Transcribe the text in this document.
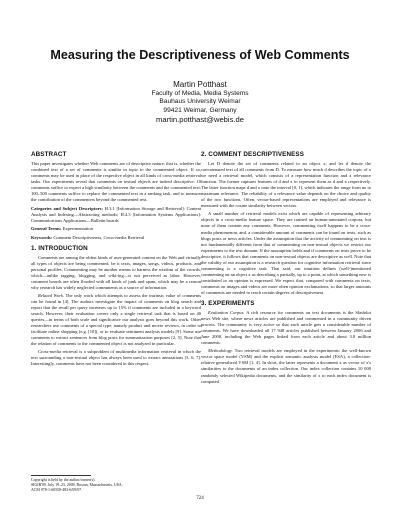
Measuring the Descriptiveness of Web Comments
Martin Potthast
Faculty of Media, Media Systems
Bauhaus University Weimar
99421 Weimar, Germany
martin.potthast@webis.de
ABSTRACT
This paper investigates whether Web comments are of descriptive nature, that is, whether the combined text of a set of comments is similar in topic to the commented object. If so, comments may be used in place of the respective object in all kinds of cross-media retrieval tasks. Our experiments reveal that comments on textual objects are indeed descriptive: 10 comments suffice to expect a high similarity between the comments and the commented text; 100–500 comments suffice to replace the commented text in a ranking task, and to measure the contribution of the commenters beyond the commented text.
Categories and Subject Descriptors: H.3.1 [Information Storage and Retrieval]: Content Analysis and Indexing—Abstracting methods; H.4.3 [Information Systems Applications]: Communications Applications—Bulletin boards
General Terms: Experimentation
Keywords: Comment Descriptiveness, Cross-media Retrieval
1. INTRODUCTION
Comments are among the oldest kinds of user-generated content on the Web and virtually all types of objects are being commented, be it texts, images, songs, videos, products, and personal profiles. Commenting may be another means to harness the wisdom of the crowds, which—unlike tagging, blogging, and wiki-ing—is not perceived as labor. However, comment boards are often flooded with all kinds of junk and spam, which may be a reason why research has widely neglected commments as a source of information.
Related Work. The only work which attempts to assess the intrinsic value of comments can be found in [4]. The authors investigate the impact of comments on blog search and report that the recall per query increases up to 15% if comments are included in a keyword search. However, their evaluation covers only a single retrieval task that is based on 40 queries—in terms of both scale and significance our analysis goes beyond this work. Other researchers use comments of a special type, namely product and movie reviews, in order to facilitate online shopping (e.g. [10]), or to evaluate sentiment analysis models [9]. Some use comments to extract sentences from blog posts for summarization purposes [2, 5]. Note that the relation of comments to the commented object is not analyzed in particular.
Cross-media retrieval is a subproblem of multimedia information retrieval in which the text surrounding a non-textual object has always been used to extract annotations [3, 6, 7]. Interestingly, comments have not been considered in this respect.
Copyright is held by the author/owner(s).
SIGIR'09, July 19–23, 2009, Boston, Massachusetts, USA.
ACM 978-1-60558-483-6/09/07.
2. COMMENT DESCRIPTIVENESS
Let D denote the set of comments related to an object x, and let d denote the concatenated text of all comments from D. To measure how much d describes the topic of x we need a retrieval model, which consists of a representation function and a relevance function. The former captures features of d and x to represent them as d and x respectively. The latter function maps d and x onto the interval [0, 1], which indicates the range from no to maximum relevance. The reliability of a relevance value depends on the choice and quality of the two functions. Often, vector-based representations are employed and relevance is measured with the cosine similarity between vectors.
A small number of retrieval models exist which are capable of representing arbitrary objects in a cross-media feature space. They are trained on human-annotated corpora, but none of them contain any comments. However, commenting itself happens to be a cross-media phenomenon, and, a considerable amount of comments can be found on texts, such as blogs posts or news articles. Under the assumption that the activity of commenting on text is not fundamentally different from that of commenting on non-textual objects we restrict our experiments to the text domain. If the assumption holds and if comments on texts prove to be descriptive, it follows that comments on non-textual objects are descriptive as well. Note that the validity of our assumption is a research question for cognitive information retrieval since commenting is a cognitive task. That said, our intuition defines (well-)mentioned commenting on an object x as describing x partially, up to a point, at which something new is contributed or an opinion is expressed. We expect that, compared with comments on texts, comments on images and videos are more often opinion exclamations, so that larger amounts of comments are needed to reach certain degrees of descriptiveness.
3. EXPERIMENTS
Evaluation Corpus. A rich resource for comments on text documents is the Slashdot news Web site, where news articles are published and commented in a community driven process. The community is very active so that each article gets a considerable number of comments. We have downloaded all 17 948 articles published between January 2006 and June 2008, including the Web pages linked from each article and about 3.8 million comments.
Methodology. Two retrieval models are employed in the experiments: the well-known vector space model (VSM) and the explicit semantic analysis model (ESA), a collection-relative generalized VSM [1, 4]. In short, the latter represents a document x as vector of x's similarities to the documents of an index collection. Our index collection contains 10 000 randomly selected Wikipedia documents, and the similarity of x to each index document is computed
724
